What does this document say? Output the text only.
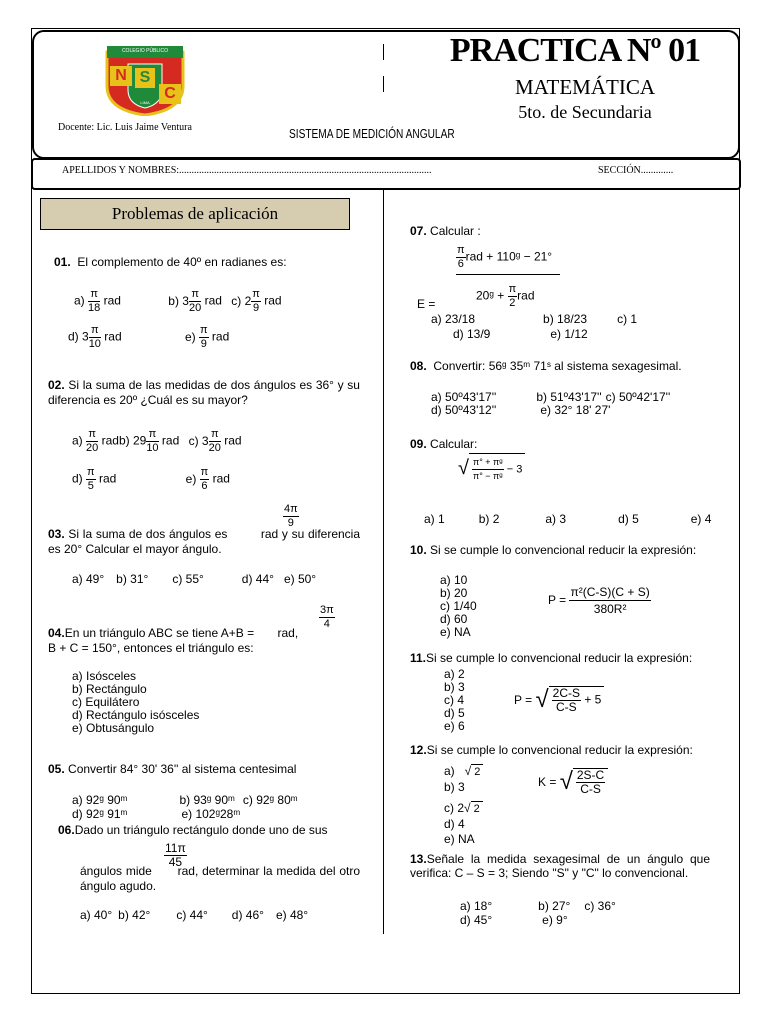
COLEGIO PÚBLICO
N S
C
LIMA
PRACTICA Nº 01
MATEMÁTICA
5to. de Secundaria
Docente: Lic. Luis Jaime Ventura	SISTEMA DE MEDICIÓN ANGULAR
APELLIDOS Y NOMBRES:.....................................................................................................	SECCIÓN.............
Problemas de aplicación
01. El complemento de 40º en radianes es:
$a) \frac{\pi}{18}$ rad	b) $3 \frac{\pi}{20}$ rad c) $2 \frac{\pi}{9}$ rad
d) $3 \frac{\pi}{10}$ rad	$e) \frac{\pi}{9}$ rad
02. Si la suma de las medidas de dos ángulos es 36° y su diferencia es 20º ¿Cuál es su mayor?
$a) \frac{\pi}{20}$ radb) $29 \frac{\pi}{10}$ rad c) $3 \frac{\pi}{20}$ rad
$d) \frac{\pi}{5}$ rad	$e) \frac{\pi}{6}$ rad
$\frac{4\pi}{9}$
03. Si la suma de dos ángulos es	rad y su diferencia es 20° Calcular el mayor ángulo.
a) 49° b) 31° c) 55°	d) 44° e) 50°
$\frac{3\pi}{4}$
04.En un triángulo ABC se tiene A+B = rad,
B + C = 150°, entonces el triángulo es:
a) Isósceles
b) Rectángulo
c) Equilátero
d) Rectángulo isósceles
e) Obtusángulo
05. Convertir 84° 30' 36'' al sistema centesimal
a) 92ᵍ 90ᵐ	b) 93ᵍ 90ᵐ c) 92ᵍ 80ᵐ
d) 92ᵍ 91ᵐ	e) 102ᵍ28ᵐ
06.Dado un triángulo rectángulo donde uno de sus
$\frac{11\pi}{45}$
ángulos mide rad, determinar la medida del otro ángulo agudo.
a) 40° b) 42° c) 44° d) 46° e) 48°
07. Calcular :
$\frac{\pi}{6}$ rad + 110ᵍ − 21°
20ᵍ + $\frac{\pi}{2}$ rad
E =
a) 23/18	b) 18/23	c) 1
d) 13/9	e) 1/12
08. Convertir: 56ᵍ 35ᵐ 71ˢ al sistema sexagesimal.
a) 50º43'17''	b) 51º43'17'' c) 50º42'17''
d) 50º43'12''	e) 32° 18' 27'
09. Calcular:
√ $\frac{\text{π° + πᵍ}}{\text{π° − πᵍ}} - 3$
a) 1	b) 2	a) 3	d) 5	e) 4
10. Si se cumple lo convencional reducir la expresión:
a) 10
b) 20
c) 1/40
d) 60
e) NA
P =
$\frac{\text{π²(C-S)(C + S)}}{\text{380R²}}$
11.Si se cumple lo convencional reducir la expresión:
a) 2
b) 3
c) 4
d) 5
e) 6
P =
√ $\frac{2C-S}{C-S} + 5$
12.Si se cumple lo convencional reducir la expresión:
a)   √ 2
b) 3
c) 2√ 2
d) 4
e) NA
K =
√ $\frac{2S-C}{C-S}$
13.Señale la medida sexagesimal de un ángulo que verifica: C – S = 3; Siendo "S" y "C" lo convencional.
a) 18°	b) 27° c) 36°
d) 45°	e) 9°
